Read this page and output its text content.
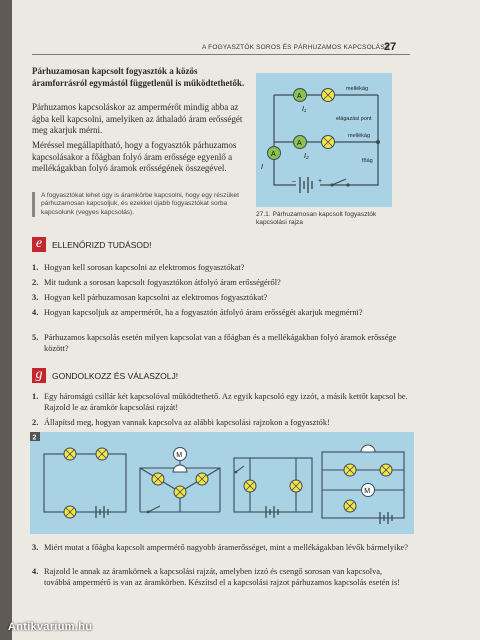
A FOGYASZTÓK SOROS ÉS PÁRHUZAMOS KAPCSOLÁSA
27
Párhuzamosan kapcsolt fogyasztók a közös áramforrásról egymástól függetlenül is működtethetők.
Párhuzamos kapcsoláskor az ampermérőt mindig abba az ágba kell kapcsolni, amelyiken az áthaladó áram erősségét meg akarjuk mérni.
Méréssel megállapítható, hogy a fogyasztók párhuzamos kapcsolásakor a főágban folyó áram erőssége egyenlő a mellékágakban folyó áramok erősségének összegével.
A fogyasztókat lehet úgy is áramkörbe kapcsolni, hogy egy részüket párhuzamosan kapcsoljuk, és ezekkel újabb fogyasztókat sorba kapcsolunk (vegyes kapcsolás).
–	+
A
I
A
I₁
mellékág
A
I₂
elágazási pont
mellékág
főág
27.1. Párhuzamosan kapcsolt fogyasztók kapcsolási rajza
e	ELLENŐRIZD TUDÁSOD!
1. Hogyan kell sorosan kapcsolni az elektromos fogyasztókat?
2. Mit tudunk a sorosan kapcsolt fogyasztókon átfolyó áram erősségéről?
3. Hogyan kell párhuzamosan kapcsolni az elektromos fogyasztókat?
4. Hogyan kapcsoljuk az ampermérőt, ha a fogyasztón átfolyó áram erősségét akarjuk megmérni?
5. Párhuzamos kapcsolás esetén milyen kapcsolat van a főágban és a mellékágakban folyó áramok erőssége között?
g	GONDOLKOZZ ÉS VÁLASZOLJ!
1. Egy háromágú csillár két kapcsolóval működtethető. Az egyik kapcsoló egy izzót, a másik kettőt kapcsol be. Rajzold le az áramkör kapcsolási rajzát!
2. Állapítsd meg, hogyan vannak kapcsolva az alábbi kapcsolási rajzokon a fogyasztók!
2
M
M
3. Miért mutat a főágba kapcsolt ampermérő nagyobb áramerősséget, mint a mellékágakban lévők bármelyike?
4. Rajzold le annak az áramkörnek a kapcsolási rajzát, amelyben izzó és csengő sorosan van kapcsolva, továbbá ampermérő is van az áramkörben. Készítsd el a kapcsolási rajzot párhuzamos kapcsolás esetén is!
Antikvarium.hu
